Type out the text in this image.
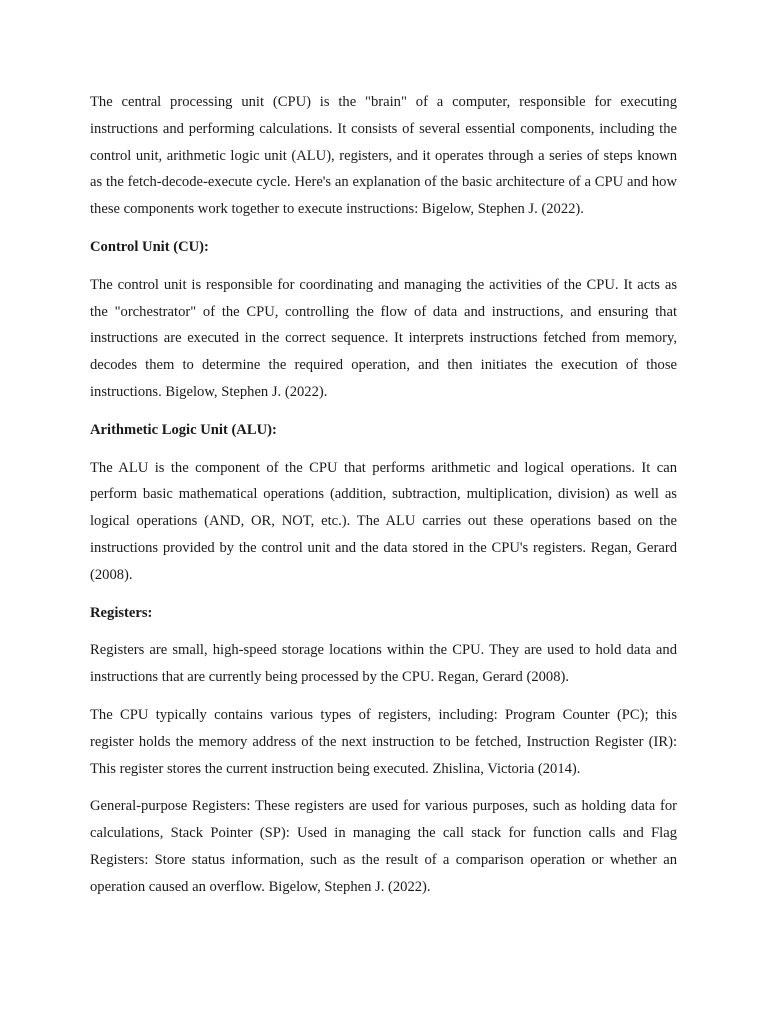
The central processing unit (CPU) is the "brain" of a computer, responsible for executing instructions and performing calculations. It consists of several essential components, including the control unit, arithmetic logic unit (ALU), registers, and it operates through a series of steps known as the fetch-decode-execute cycle. Here's an explanation of the basic architecture of a CPU and how these components work together to execute instructions: Bigelow, Stephen J. (2022).

Control Unit (CU):

The control unit is responsible for coordinating and managing the activities of the CPU. It acts as the "orchestrator" of the CPU, controlling the flow of data and instructions, and ensuring that instructions are executed in the correct sequence. It interprets instructions fetched from memory, decodes them to determine the required operation, and then initiates the execution of those instructions. Bigelow, Stephen J. (2022).

Arithmetic Logic Unit (ALU):

The ALU is the component of the CPU that performs arithmetic and logical operations. It can perform basic mathematical operations (addition, subtraction, multiplication, division) as well as logical operations (AND, OR, NOT, etc.). The ALU carries out these operations based on the instructions provided by the control unit and the data stored in the CPU's registers. Regan, Gerard (2008).

Registers:

Registers are small, high-speed storage locations within the CPU. They are used to hold data and instructions that are currently being processed by the CPU. Regan, Gerard (2008).

The CPU typically contains various types of registers, including: Program Counter (PC); this register holds the memory address of the next instruction to be fetched, Instruction Register (IR): This register stores the current instruction being executed. Zhislina, Victoria (2014).

General-purpose Registers: These registers are used for various purposes, such as holding data for calculations, Stack Pointer (SP): Used in managing the call stack for function calls and Flag Registers: Store status information, such as the result of a comparison operation or whether an operation caused an overflow. Bigelow, Stephen J. (2022).
